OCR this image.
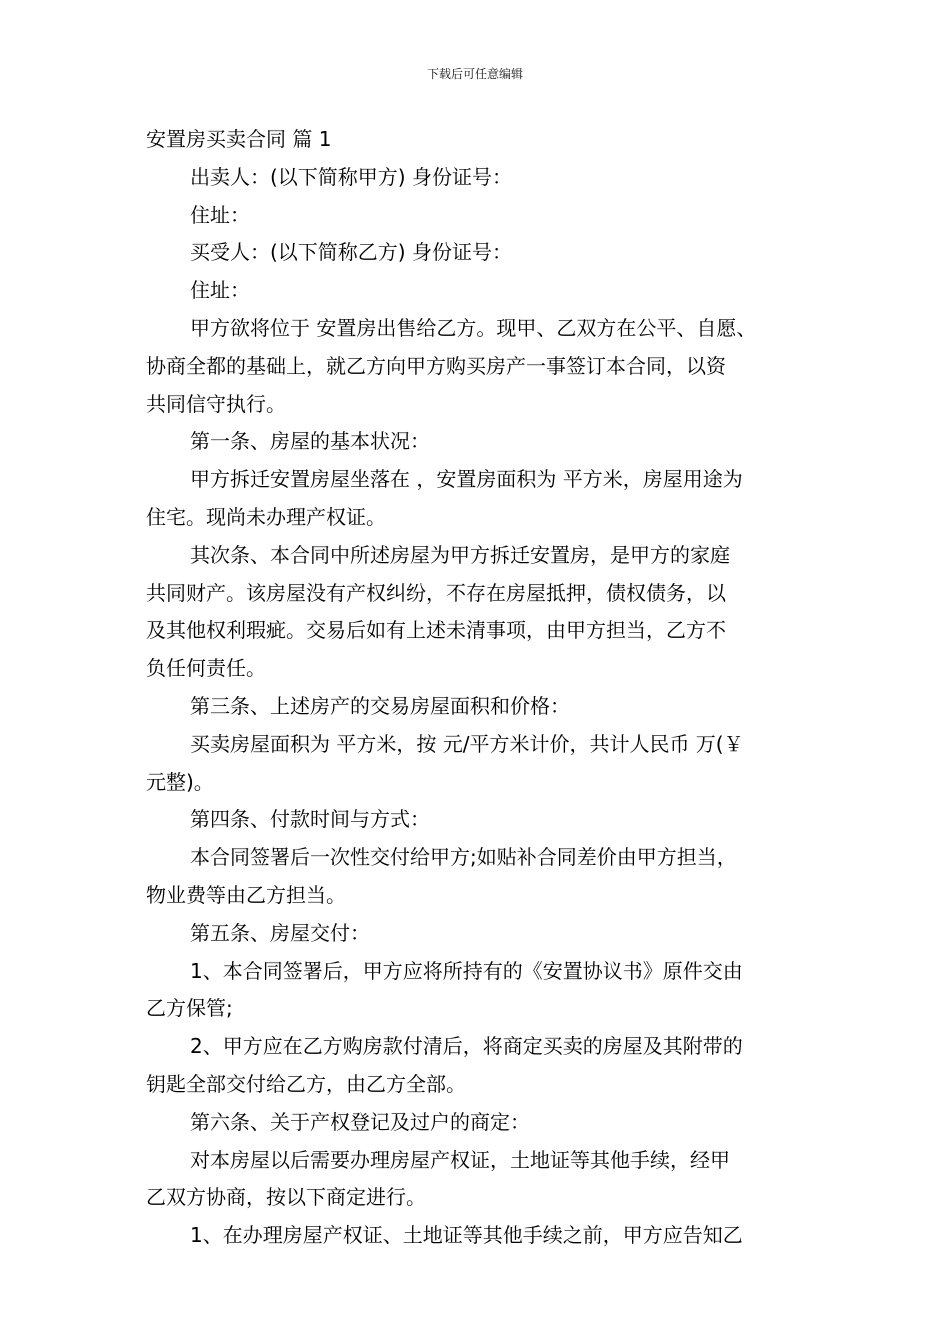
下载后可任意编辑

安置房买卖合同 篇 1

出卖人：(以下简称甲方) 身份证号：

住址：

买受人：(以下简称乙方) 身份证号：

住址：

甲方欲将位于 安置房出售给乙方。现甲、乙双方在公平、自愿、

协商全都的基础上，就乙方向甲方购买房产一事签订本合同，以资

共同信守执行。

第一条、房屋的基本状况：

甲方拆迁安置房屋坐落在 ，安置房面积为 平方米，房屋用途为

住宅。现尚未办理产权证。

其次条、本合同中所述房屋为甲方拆迁安置房，是甲方的家庭

共同财产。该房屋没有产权纠纷，不存在房屋抵押，债权债务，以

及其他权利瑕疵。交易后如有上述未清事项，由甲方担当，乙方不

负任何责任。

第三条、上述房产的交易房屋面积和价格：

买卖房屋面积为 平方米，按 元/平方米计价，共计人民币 万(￥

元整)。

第四条、付款时间与方式：

本合同签署后一次性交付给甲方;如贴补合同差价由甲方担当，

物业费等由乙方担当。

第五条、房屋交付：

1、本合同签署后，甲方应将所持有的《安置协议书》原件交由

乙方保管;

2、甲方应在乙方购房款付清后，将商定买卖的房屋及其附带的

钥匙全部交付给乙方，由乙方全部。

第六条、关于产权登记及过户的商定：

对本房屋以后需要办理房屋产权证，土地证等其他手续，经甲

乙双方协商，按以下商定进行。

1、在办理房屋产权证、土地证等其他手续之前，甲方应告知乙
